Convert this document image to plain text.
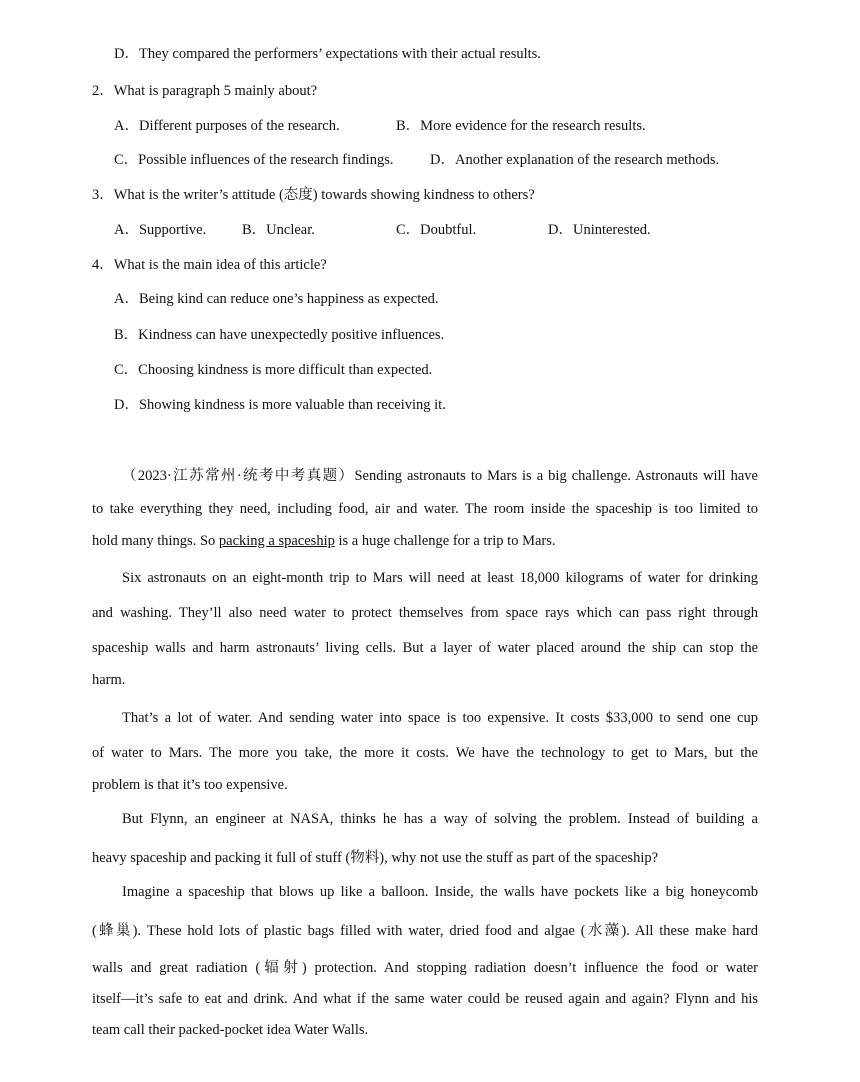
D．They compared the performers’ expectations with their actual results.
2．What is paragraph 5 mainly about?
A．Different purposes of the research.	B．More evidence for the research results.
C．Possible influences of the research findings.	D．Another explanation of the research methods.
3．What is the writer’s attitude (态度) towards showing kindness to others?
A．Supportive. B．Unclear.	C．Doubtful.	D．Uninterested.
4．What is the main idea of this article?
A．Being kind can reduce one’s happiness as expected.
B．Kindness can have unexpectedly positive influences.
C．Choosing kindness is more difficult than expected.
D．Showing kindness is more valuable than receiving it.
（2023·江苏常州·统考中考真题）Sending astronauts to Mars is a big challenge. Astronauts will have
to take everything they need, including food, air and water. The room inside the spaceship is too limited to
hold many things. So packing a spaceship is a huge challenge for a trip to Mars.
Six astronauts on an eight-month trip to Mars will need at least 18,000 kilograms of water for drinking
and washing. They’ll also need water to protect themselves from space rays which can pass right through
spaceship walls and harm astronauts’ living cells. But a layer of water placed around the ship can stop the
harm.
That’s a lot of water. And sending water into space is too expensive. It costs $33,000 to send one cup
of water to Mars. The more you take, the more it costs. We have the technology to get to Mars, but the
problem is that it’s too expensive.
But Flynn, an engineer at NASA, thinks he has a way of solving the problem. Instead of building a
heavy spaceship and packing it full of stuff (物料), why not use the stuff as part of the spaceship?
Imagine a spaceship that blows up like a balloon. Inside, the walls have pockets like a big honeycomb
(蜂巢). These hold lots of plastic bags filled with water, dried food and algae (水藻). All these make hard
walls and great radiation (辐射) protection. And stopping radiation doesn’t influence the food or water
itself—it’s safe to eat and drink. And what if the same water could be reused again and again? Flynn and his
team call their packed-pocket idea Water Walls.
